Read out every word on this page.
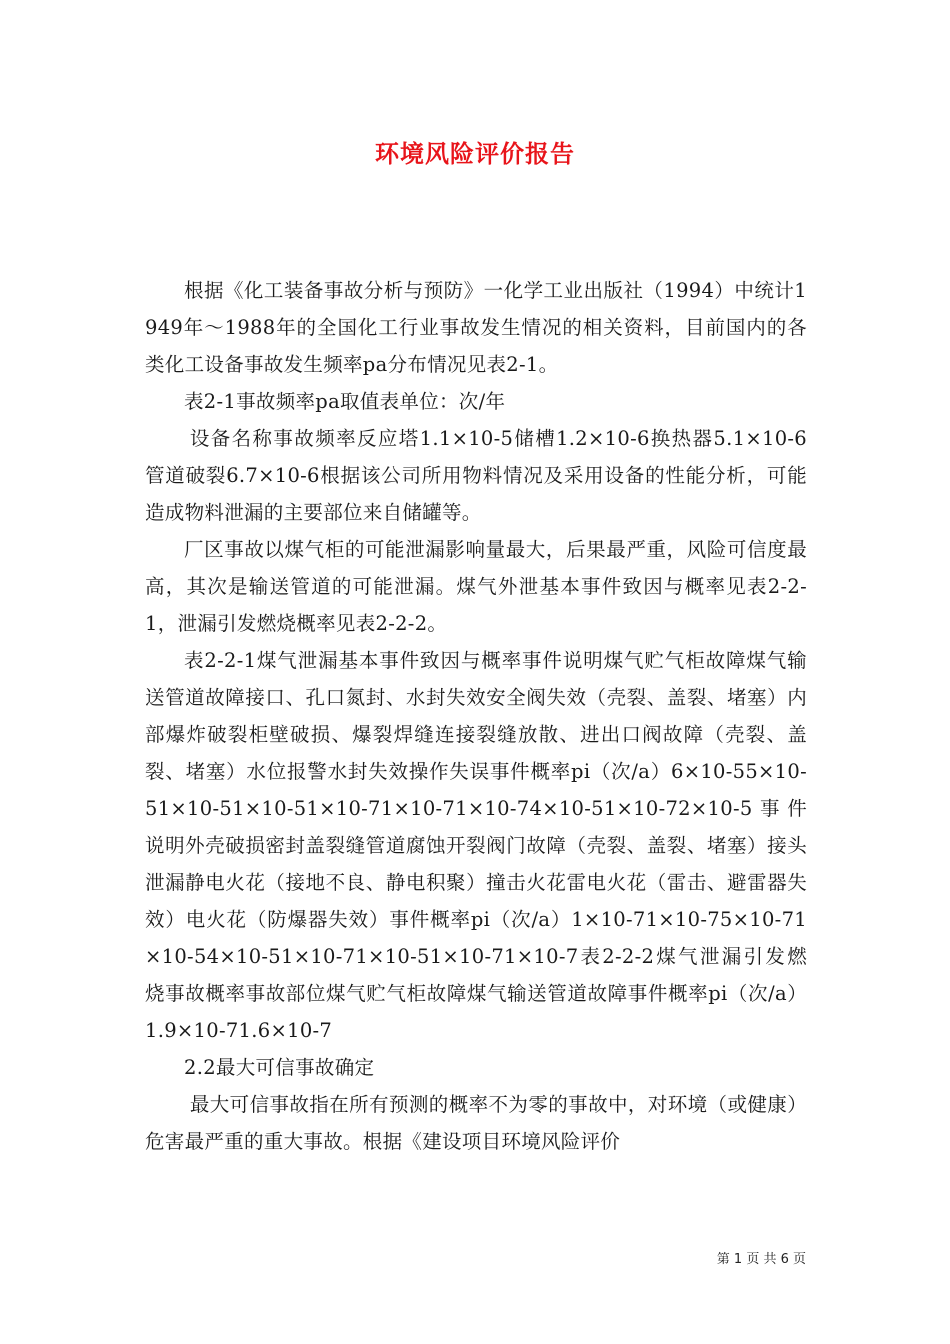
环境风险评价报告

根据《化工装备事故分析与预防》一化学工业出版社（1994）中统计1949年～1988年的全国化工行业事故发生情况的相关资料，目前国内的各类化工设备事故发生频率pa分布情况见表2-1。

表2-1事故频率pa取值表单位：次/年

设备名称事故频率反应塔1.1×10-5储槽1.2×10-6换热器5.1×10-6管道破裂6.7×10-6根据该公司所用物料情况及采用设备的性能分析，可能造成物料泄漏的主要部位来自储罐等。

厂区事故以煤气柜的可能泄漏影响量最大，后果最严重，风险可信度最高，其次是输送管道的可能泄漏。煤气外泄基本事件致因与概率见表2-2-1，泄漏引发燃烧概率见表2-2-2。

表2-2-1煤气泄漏基本事件致因与概率事件说明煤气贮气柜故障煤气输送管道故障接口、孔口氮封、水封失效安全阀失效（壳裂、盖裂、堵塞）内部爆炸破裂柜壁破损、爆裂焊缝连接裂缝放散、进出口阀故障（壳裂、盖裂、堵塞）水位报警水封失效操作失误事件概率pi（次/a）6×10-55×10-51×10-51×10-51×10-71×10-71×10-74×10-51×10-72×10-5事件说明外壳破损密封盖裂缝管道腐蚀开裂阀门故障（壳裂、盖裂、堵塞）接头泄漏静电火花（接地不良、静电积聚）撞击火花雷电火花（雷击、避雷器失效）电火花（防爆器失效）事件概率pi（次/a）1×10-71×10-75×10-71×10-54×10-51×10-71×10-51×10-71×10-7表2-2-2煤气泄漏引发燃烧事故概率事故部位煤气贮气柜故障煤气输送管道故障事件概率pi（次/a）1.9×10-71.6×10-7

2.2最大可信事故确定

最大可信事故指在所有预测的概率不为零的事故中，对环境（或健康）危害最严重的重大事故。根据《建设项目环境风险评价

第 1 页 共 6 页
